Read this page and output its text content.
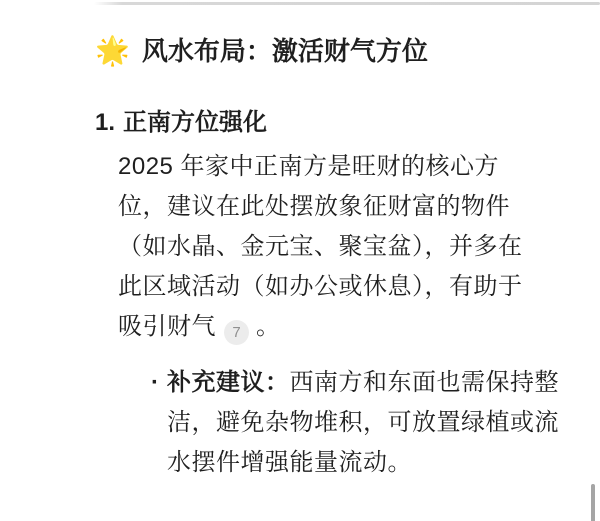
🌟 风水布局：激活财气方位
1. 正南方位强化
2025 年家中正南方是旺财的核心方
位，建议在此处摆放象征财富的物件
（如水晶、金元宝、聚宝盆），并多在
此区域活动（如办公或休息），有助于
吸引财气 7 。
· 补充建议：西南方和东面也需保持整
洁，避免杂物堆积，可放置绿植或流
水摆件增强能量流动。
